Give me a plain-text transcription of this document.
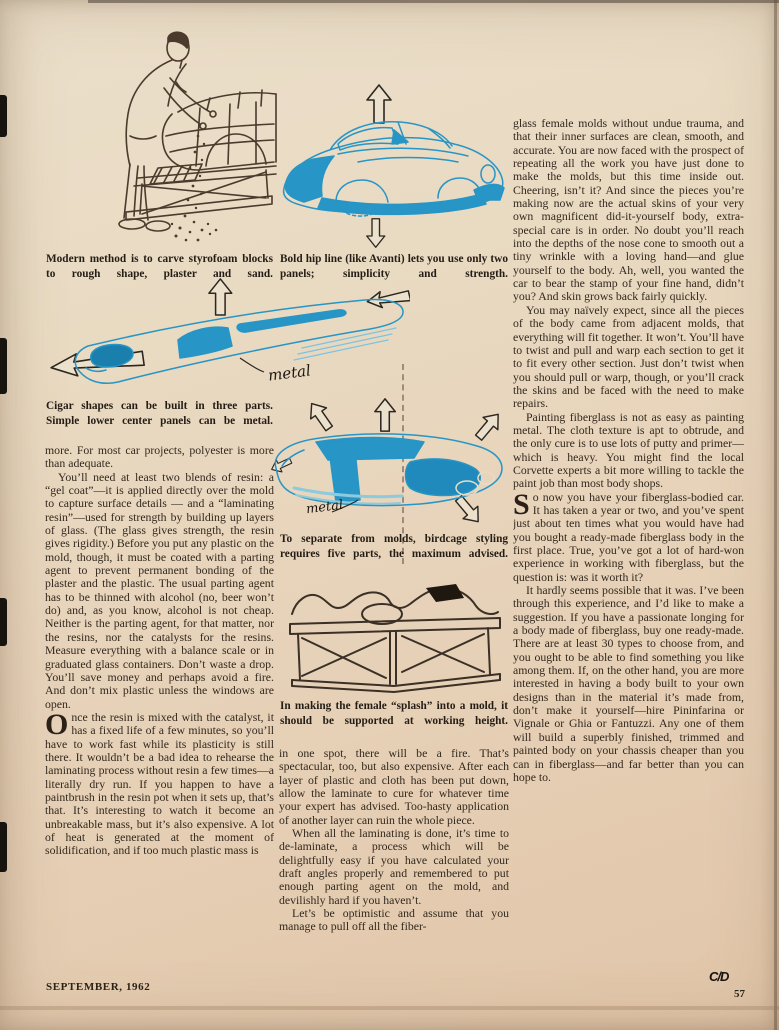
metal
metal
Modern method is to carve styrofoam blocks to rough shape, plaster and sand.
Bold hip line (like Avanti) lets you use only two panels; simplicity and strength.
Cigar shapes can be built in three parts. Simple lower center panels can be metal.
To separate from molds, birdcage styling requires five parts, the maximum advised.
In making the female “splash” into a mold, it should be supported at working height.

more. For most car projects, polyester is more than adequate.

You’ll need at least two blends of resin: a “gel coat”—it is applied directly over the mold to capture surface details — and a “laminating resin”—used for strength by building up layers of glass. (The glass gives strength, the resin gives rigidity.) Before you put any plastic on the mold, though, it must be coated with a parting agent to prevent permanent bonding of the plaster and the plastic. The usual parting agent has to be thinned with alcohol (no, beer won’t do) and, as you know, alcohol is not cheap. Neither is the parting agent, for that matter, nor the resins, nor the catalysts for the resins. Measure everything with a balance scale or in graduated glass containers. Don’t waste a drop. You’ll save money and perhaps avoid a fire. And don’t mix plastic unless the windows are open.

Once the resin is mixed with the catalyst, it has a fixed life of a few minutes, so you’ll have to work fast while its plasticity is still there. It wouldn’t be a bad idea to rehearse the laminating process without resin a few times—a literally dry run. If you happen to have a paintbrush in the resin pot when it sets up, that’s that. It’s interesting to watch it become an unbreakable mass, but it’s also expensive. A lot of heat is generated at the moment of solidification, and if too much plastic mass is

in one spot, there will be a fire. That’s spectacular, too, but also expensive. After each layer of plastic and cloth has been put down, allow the laminate to cure for whatever time your expert has advised. Too-hasty application of another layer can ruin the whole piece.

When all the laminating is done, it’s time to de-laminate, a process which will be delightfully easy if you have calculated your draft angles properly and remembered to put enough parting agent on the mold, and devilishly hard if you haven’t.

Let’s be optimistic and assume that you manage to pull off all the fiber-

glass female molds without undue trauma, and that their inner surfaces are clean, smooth, and accurate. You are now faced with the prospect of repeating all the work you have just done to make the molds, but this time inside out. Cheering, isn’t it? And since the pieces you’re making now are the actual skins of your very own magnificent did-it-yourself body, extra-special care is in order. No doubt you’ll reach into the depths of the nose cone to smooth out a tiny wrinkle with a loving hand—and glue yourself to the body. Ah, well, you wanted the car to bear the stamp of your fine hand, didn’t you? And skin grows back fairly quickly.

You may naïvely expect, since all the pieces of the body came from adjacent molds, that everything will fit together. It won’t. You’ll have to twist and pull and warp each section to get it to fit every other section. Just don’t twist when you should pull or warp, though, or you’ll crack the skins and be faced with the need to make repairs.

Painting fiberglass is not as easy as painting metal. The cloth texture is apt to obtrude, and the only cure is to use lots of putty and primer—which is heavy. You might find the local Corvette experts a bit more willing to tackle the paint job than most body shops.

So now you have your fiberglass-bodied car. It has taken a year or two, and you’ve spent just about ten times what you would have had you bought a ready-made fiberglass body in the first place. True, you’ve got a lot of hard-won experience in working with fiberglass, but the question is: was it worth it?

It hardly seems possible that it was. I’ve been through this experience, and I’d like to make a suggestion. If you have a passionate longing for a body made of fiberglass, buy one ready-made. There are at least 30 types to choose from, and you ought to be able to find something you like among them. If, on the other hand, you are more interested in having a body built to your own designs than in the material it’s made from, don’t make it yourself—hire Pininfarina or Vignale or Ghia or Fantuzzi. Any one of them will build a superbly finished, trimmed and painted body on your chassis cheaper than you can in fiberglass—and far better than you can hope to.

SEPTEMBER, 1962
C/D
57
